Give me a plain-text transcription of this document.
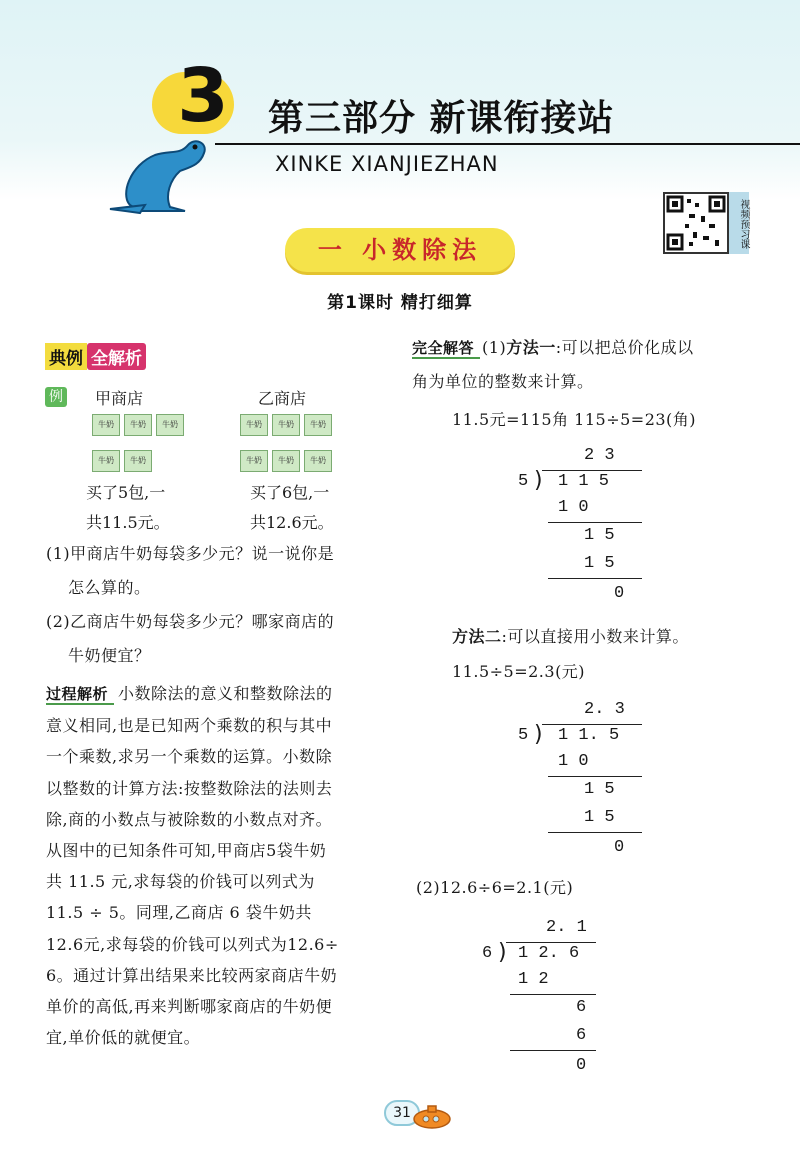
3 第三部分 新课衔接站
XINKE XIANJIEZHAN
视频预习课
一 小数除法
第1课时 精打细算
典例 全解析
例 甲商店	乙商店
牛奶	牛奶	牛奶
牛奶	牛奶
牛奶	牛奶	牛奶
牛奶	牛奶	牛奶
买了5包,一
共11.5元。
买了6包,一
共12.6元。
(1)甲商店牛奶每袋多少元？说一说你是
怎么算的。
(2)乙商店牛奶每袋多少元？哪家商店的
牛奶便宜？
过程解析 小数除法的意义和整数除法的
意义相同,也是已知两个乘数的积与其中
一个乘数,求另一个乘数的运算。小数除
以整数的计算方法:按整数除法的法则去
除,商的小数点与被除数的小数点对齐。
从图中的已知条件可知,甲商店5袋牛奶
共 11.5 元,求每袋的价钱可以列式为
11.5 ÷ 5。同理,乙商店 6 袋牛奶共
12.6元,求每袋的价钱可以列式为12.6÷
6。通过计算出结果来比较两家商店牛奶
单价的高低,再来判断哪家商店的牛奶便
宜,单价低的就便宜。
完全解答 (1)方法一:可以把总价化成以
角为单位的整数来计算。
11.5元=115角 115÷5=23(角)
2 3
5 ) 1 1 5
1 0
1 5
1 5
0
方法二:可以直接用小数来计算。
11.5÷5=2.3(元)
2. 3
5 ) 1 1. 5
1 0
1 5
1 5
0
(2)12.6÷6=2.1(元)
2. 1
6 ) 1 2. 6
1 2
6
6
0
31
